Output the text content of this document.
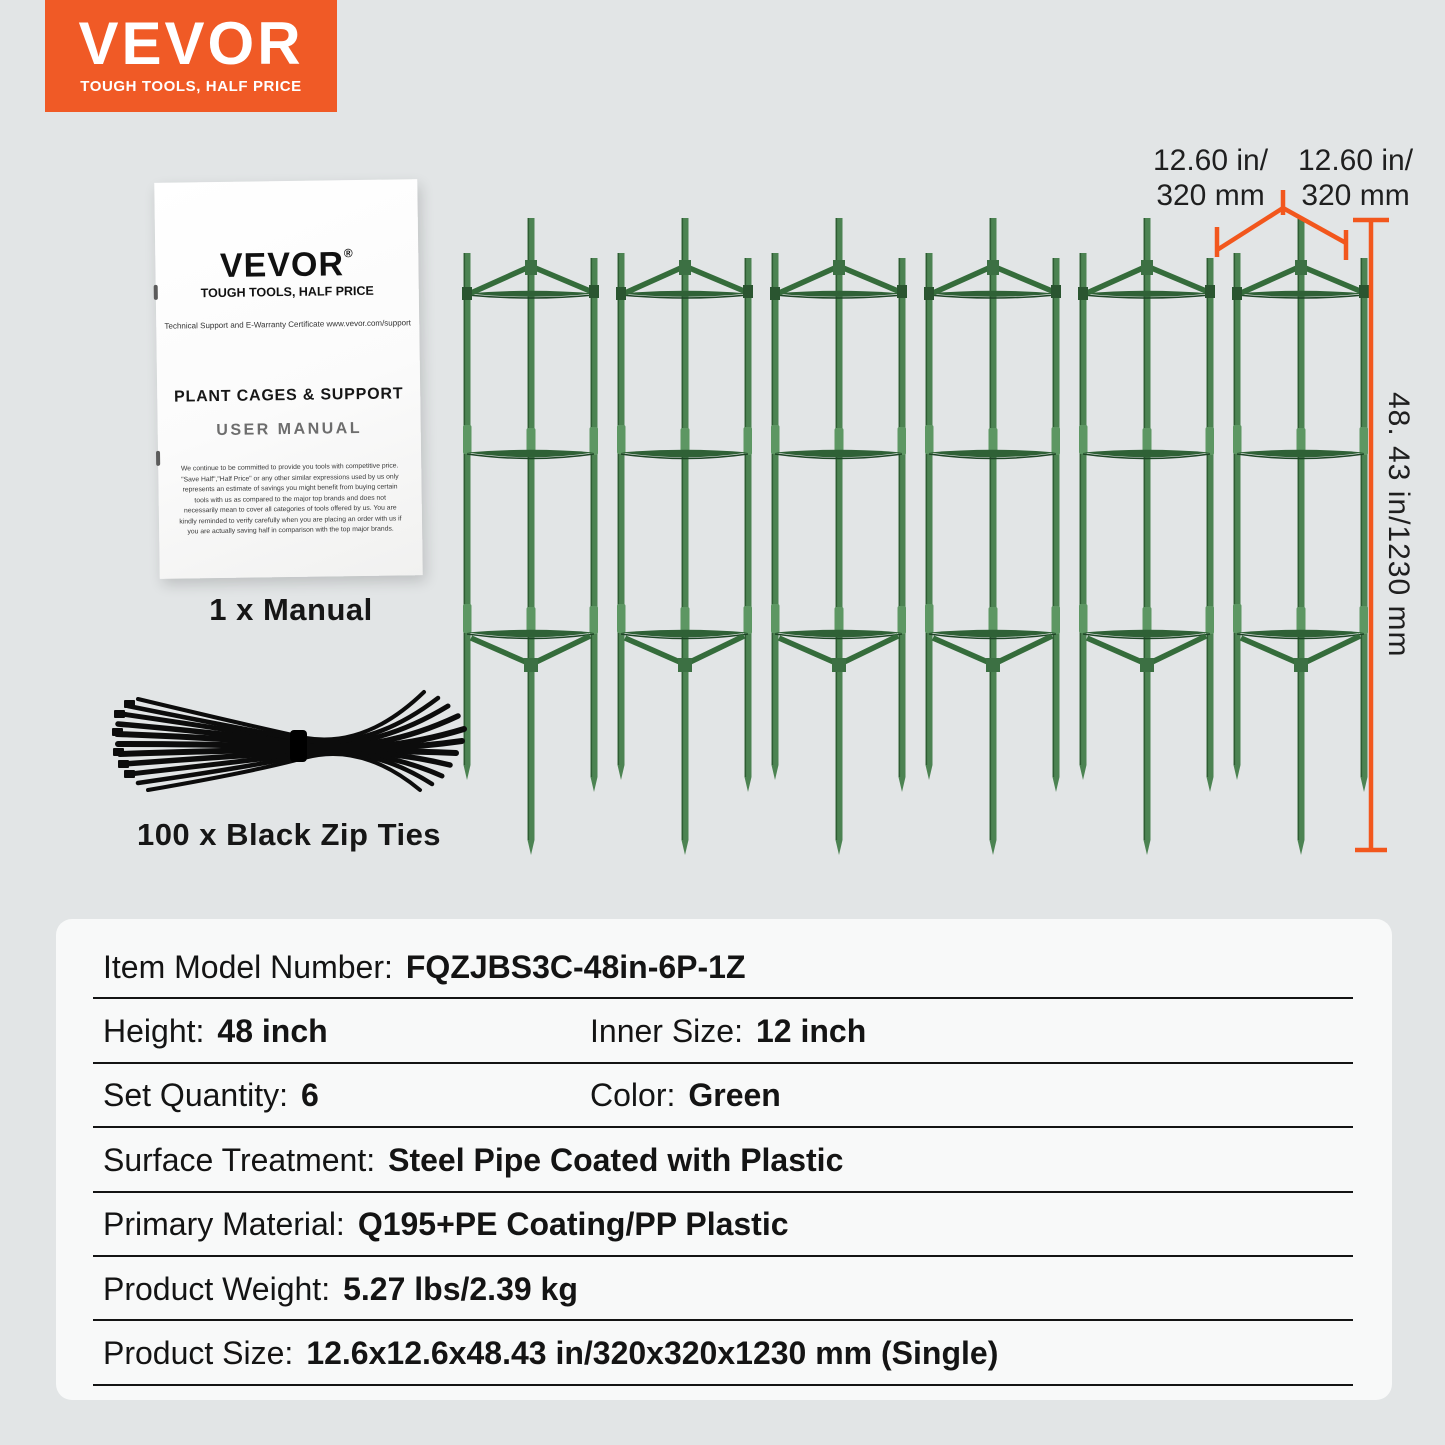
VEVOR
TOUGH TOOLS, HALF PRICE
VEVOR®
TOUGH TOOLS, HALF PRICE
Technical Support and E-Warranty Certificate www.vevor.com/support
PLANT CAGES & SUPPORT
USER MANUAL
We continue to be committed to provide you tools with competitive price. "Save Half","Half Price" or any other similar expressions used by us only represents an estimate of savings you might benefit from buying certain tools with us as compared to the major top brands and does not necessarily mean to cover all categories of tools offered by us. You are kindly reminded to verify carefully when you are placing an order with us if you are actually saving half in comparison with the top major brands.
1 x Manual
100 x Black Zip Ties
12.60 in/
320 mm
12.60 in/
320 mm
48. 43 in/1230 mm
Item Model Number: FQZJBS3C-48in-6P-1Z
Height: 48 inch	Inner Size: 12 inch
Set Quantity: 6	Color: Green
Surface Treatment: Steel Pipe Coated with Plastic
Primary Material: Q195+PE Coating/PP Plastic
Product Weight: 5.27 lbs/2.39 kg
Product Size: 12.6x12.6x48.43 in/320x320x1230 mm (Single)
